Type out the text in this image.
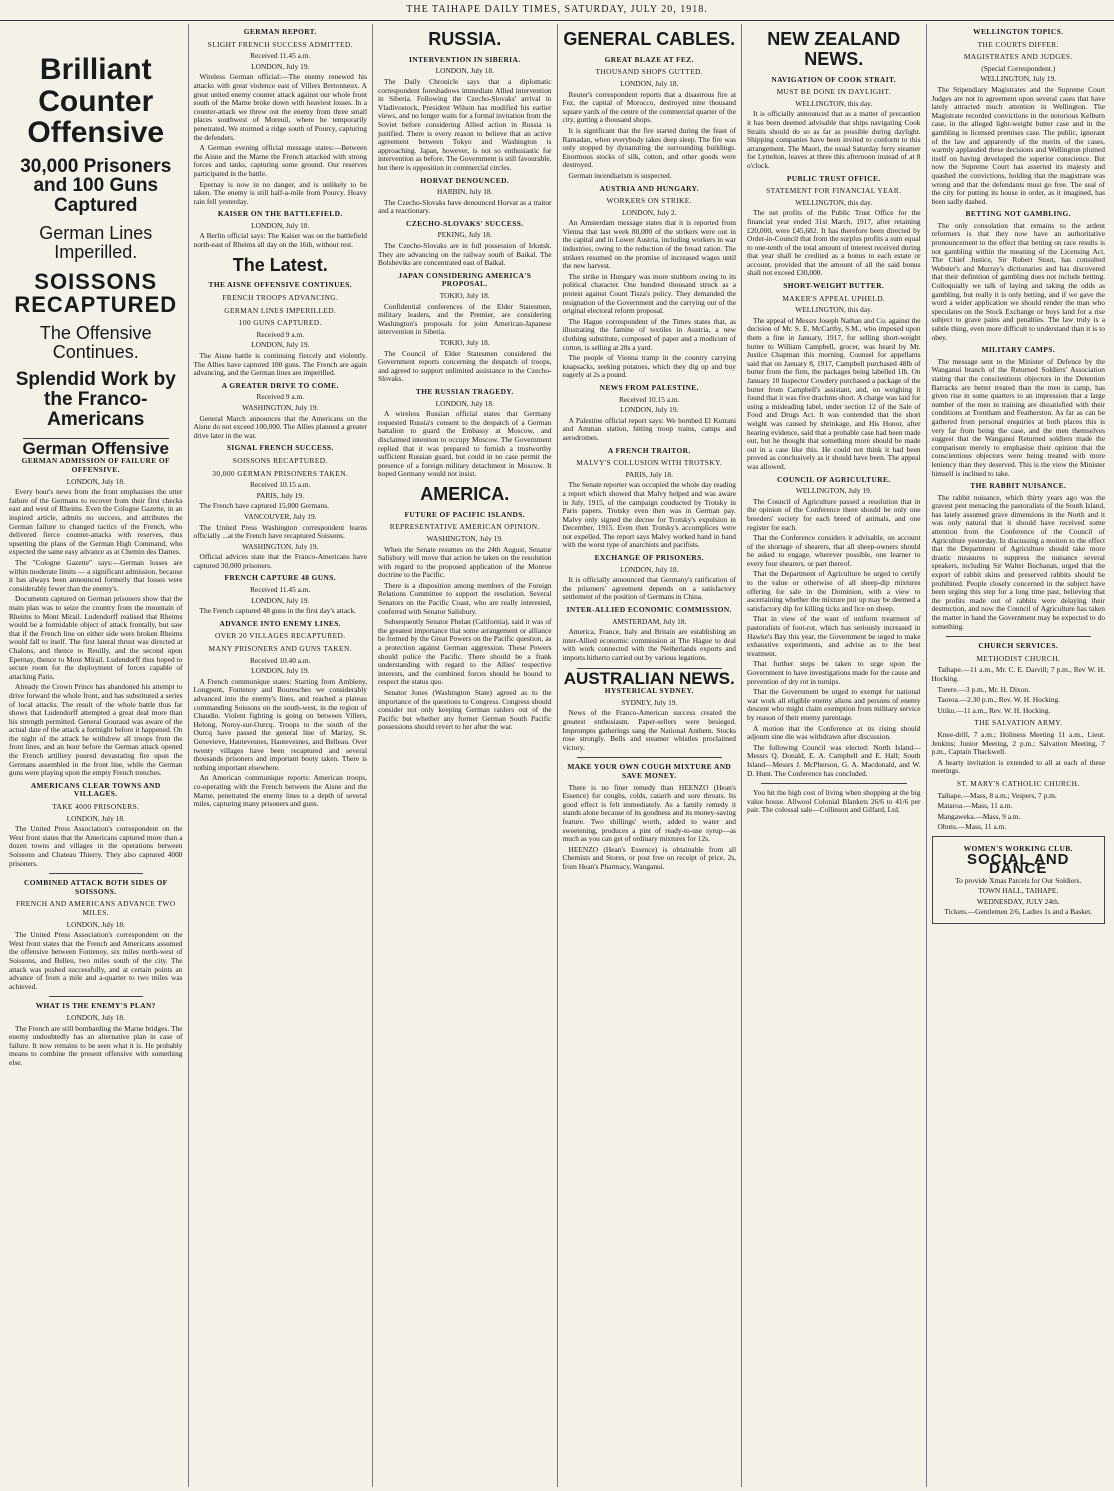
THE TAIHAPE DAILY TIMES, SATURDAY, JULY 20, 1918.
Brilliant Counter Offensive
30,000 Prisoners and 100 Guns Captured
German Lines Imperilled.
SOISSONS RECAPTURED
The Offensive Continues.
Splendid Work by the Franco-Americans
German Offensive
GERMAN ADMISSION OF FAILURE OF OFFENSIVE.
LONDON, July 18.

Every hour's news from the front emphasises the utter failure of the Germans to recover from their first checks east and west of Rheims. Even the Cologne Gazette, in an inspired article, admits no success, and attributes the German failure to changed tactics of the French, who delivered fierce counter-attacks with reserves, thus upsetting the plans of the German High Command, who expected the same easy advance as at Chemin des Dames.

The "Cologne Gazette" says:—German losses are within moderate limits — a significant admission, because it has always been announced formerly that losses were considerably fewer than the enemy's.

Documents captured on German prisoners show that the main plan was to seize the country from the mountain of Rheims to Mont Mirail. Ludendorff realised that Rheims would be a formidable object of attack frontally, but saw that if the French line on either side were broken Rheims would fall to itself. The first lateral thrust was directed at Chalons, and thence to Reuilly, and the second upon Epernay, thence to Mont Mirail. Ludendorff thus hoped to secure room for the deployment of forces capable of attacking Paris.

Already the Crown Prince has abandoned his attempt to drive forward the whole front, and has substituted a series of local attacks. The result of the whole battle thus far shows that Ludendorff attempted a great deal more than his strength permitted. General Gouraud was aware of the actual date of the attack a fortnight before it happened. On the night of the attack he withdrew all troops from the front lines, and an hour before the German attack opened the French artillery poured devastating fire upon the Germans assembled in the front line, while the German guns were playing upon the empty French trenches.

AMERICANS CLEAR TOWNS AND VILLAGES.
TAKE 4000 PRISONERS.
LONDON, July 18.

The United Press Association's correspondent on the West front states that the Americans captured more than a dozen towns and villages in the operations between Soissons and Chateau Thierry. They also captured 4000 prisoners.

COMBINED ATTACK BOTH SIDES OF SOISSONS.
FRENCH AND AMERICANS ADVANCE TWO MILES.
LONDON, July 18.

The United Press Association's correspondent on the West front states that the French and Americans assumed the offensive between Fontenoy, six miles north-west of Soissons, and Belleu, two miles south of the city. The attack was pushed successfully, and at certain points an advance of from a mile and a-quarter to two miles was achieved.

WHAT IS THE ENEMY'S PLAN?
LONDON, July 18.

The French are still bombarding the Marne bridges. The enemy undoubtedly has an alternative plan in case of failure. It now remains to be seen what it is. He probably means to combine the present offensive with something else.

GERMAN REPORT.
SLIGHT FRENCH SUCCESS ADMITTED.
Received 11.45 a.m.
LONDON, July 19.

Wireless German official:—The enemy renewed his attacks with great violence east of Villers Bretonneux. A great united enemy counter attack against our whole front south of the Marne broke down with heaviest losses. In a counter-attack we threw out the enemy from three small places southwest of Moreuil, where he temporarily penetrated. We stormed a ridge south of Pourcy, capturing the defenders.

A German evening official message states:—Between the Aisne and the Marne the French attacked with strong forces and tanks, capturing some ground. Our reserves participated in the battle.

Epernay is now in no danger, and is unlikely to be taken. The enemy is still half-a-mile from Pourcy. Heavy rain fell yesterday.

KAISER ON THE BATTLEFIELD.
LONDON, July 18.

A Berlin official says: The Kaiser was on the battlefield north-east of Rheims all day on the 16th, without rest.

The Latest.
THE AISNE OFFENSIVE CONTINUES.
FRENCH TROOPS ADVANCING.
GERMAN LINES IMPERILLED.
100 GUNS CAPTURED.
Received 9 a.m.
LONDON, July 19.

The Aisne battle is continuing fiercely and violently. The Allies have captured 100 guns. The French are again advancing, and the German lines are imperilled.

A GREATER DRIVE TO COME.
Received 9 a.m.
WASHINGTON, July 19.

General March announces that the Americans on the Aisne do not exceed 100,000. The Allies planned a greater drive later in the war.

SIGNAL FRENCH SUCCESS.
SOISSONS RECAPTURED.
30,000 GERMAN PRISONERS TAKEN.
Received 10.15 a.m.
PARIS, July 19.

The French have captured 15,000 Germans.

VANCOUVER, July 19.

The United Press Washington correspondent learns officially ...at the French have recaptured Soissons.

WASHINGTON, July 19.

Official advices state that the Franco-Americans have captured 30,000 prisoners.

FRENCH CAPTURE 48 GUNS.
Received 11.45 a.m.
LONDON, July 19.

The French captured 48 guns in the first day's attack.

ADVANCE INTO ENEMY LINES.
OVER 20 VILLAGES RECAPTURED.
MANY PRISONERS AND GUNS TAKEN.
Received 10.40 a.m.
LONDON, July 19.

A French communique states: Starting from Ambleny, Longpont, Fontenoy and Bouresches we considerably advanced into the enemy's lines, and reached a plateau commanding Soissons on the south-west, in the region of Chaudin. Violent fighting is going on between Villers, Helong, Noroy-sur-Ourcq. Troops to the south of the Ourcq have passed the general line of Marizy, St. Genevieve, Hautevesnes, Hautevesnes, and Belleau. Over twenty villages have been recaptured and several thousands prisoners and important booty taken. There is nothing important elsewhere.

An American communique reports: American troops, co-operating with the French between the Aisne and the Marne, penetrated the enemy lines to a depth of several miles, capturing many prisoners and guns.

RUSSIA.
INTERVENTION IN SIBERIA.
LONDON, July 18.

The Daily Chronicle says that a diplomatic correspondent foreshadows immediate Allied intervention in Siberia. Following the Czecho-Slovaks' arrival in Vladivostock, President Wilson has modified his earlier views, and no longer waits for a formal invitation from the Soviet before considering Allied action in Russia is justified. There is every reason to believe that an active agreement between Tokyo and Washington is approaching. Japan, however, is not so enthusiastic for intervention as before. The Government is still favourable, but there is opposition in commercial circles.

HORVAT DENOUNCED.
HARBIN, July 18.

The Czecho-Slovaks have denounced Horvat as a traitor and a reactionary.

CZECHO-SLOVAKS' SUCCESS.
PEKING, July 18.

The Czecho-Slovaks are in full possession of Irkutsk. They are advancing on the railway south of Baikal. The Bolsheviks are concentrated east of Baikal.

JAPAN CONSIDERING AMERICA'S PROPOSAL.
TOKIO, July 18.

Confidential conferences of the Elder Statesmen, military leaders, and the Premier, are considering Washington's proposals for joint American-Japanese intervention in Siberia.

TOKIO, July 18.

The Council of Elder Statesmen considered the Government reports concerning the despatch of troops, and agreed to support unlimited assistance to the Czecho-Slovaks.

THE RUSSIAN TRAGEDY.
LONDON, July 18.

A wireless Russian official states that Germany requested Russia's consent to the despatch of a German battalion to guard the Embassy at Moscow, and disclaimed intention to occupy Moscow. The Government replied that it was prepared to furnish a trustworthy sufficient Russian guard, but could in no case permit the presence of a foreign military detachment in Moscow. It hoped Germany would not insist.

AMERICA.
FUTURE OF PACIFIC ISLANDS.
REPRESENTATIVE AMERICAN OPINION.
WASHINGTON, July 19.

When the Senate resumes on the 24th August, Senator Salisbury will move that action be taken on the resolution with regard to the proposed application of the Monroe doctrine to the Pacific.

There is a disposition among members of the Foreign Relations Committee to support the resolution. Several Senators on the Pacific Coast, who are really interested, conferred with Senator Salisbury.

Subsequently Senator Phelan (California), said it was of the greatest importance that some arrangement or alliance be formed by the Great Powers on the Pacific question, as a protection against German aggression. These Powers should police the Pacific. There should be a frank understanding with regard to the Allies' respective interests, and the combined forces should be bound to respect the status quo.

Senator Jones (Washington State) agreed as to the importance of the questions to Congress. Congress should consider not only keeping German raiders out of the Pacific but whether any former German South Pacific possessions should revert to her after the war.

GENERAL CABLES.
GREAT BLAZE AT FEZ.
THOUSAND SHOPS GUTTED.
LONDON, July 18.

Reuter's correspondent reports that a disastrous fire at Fez, the capital of Morocco, destroyed nine thousand square yards of the centre of the commercial quarter of the city, gutting a thousand shops.

It is significant that the fire started during the feast of Ramadan, when everybody takes deep sleep. The fire was only stopped by dynamiting the surrounding buildings. Enormous stocks of silk, cotton, and other goods were destroyed.

German incendiarism is suspected.

AUSTRIA AND HUNGARY.
WORKERS ON STRIKE.
LONDON, July 2.

An Amsterdam message states that it is reported from Vienna that last week 80,000 of the strikers were out in the capital and in Lower Austria, including workers in war industries, owing to the reduction of the bread ration. The strikers resumed on the promise of increased wages until the new harvest.

The strike in Hungary was more stubborn owing to its political character. One hundred thousand struck as a protest against Count Tisza's policy. They demanded the resignation of the Government and the carrying out of the original electoral reform proposal.

The Hague correspondent of the Times states that, as illustrating the famine of textiles in Austria, a new clothing substitute, composed of paper and a modicum of cotton, is selling at 28s a yard.

The people of Vienna tramp in the country carrying knapsacks, seeking potatoes, which they dig up and buy eagerly at 2s a pound.

NEWS FROM PALESTINE.
Received 10.15 a.m.
LONDON, July 19.

A Palestine official report says: We bombed El Kutrani and Amman station, hitting troop trains, camps and aerodromes.

A FRENCH TRAITOR.
MALVY'S COLLUSION WITH TROTSKY.
PARIS, July 18.

The Senate reporter was occupied the whole day reading a report which showed that Malvy helped and was aware in July, 1915, of the campaign conducted by Trotsky in Paris papers. Trotsky even then was in German pay. Malvy only signed the decree for Trotsky's expulsion in December, 1915. Even then Trotsky's accomplices were not expelled. The report says Malvy worked hand in hand with the worst type of anarchists and pacifists.

EXCHANGE OF PRISONERS.
LONDON, July 18.

It is officially announced that Germany's ratification of the prisoners' agreement depends on a satisfactory settlement of the position of Germans in China.

INTER-ALLIED ECONOMIC COMMISSION.
AMSTERDAM, July 18.

America, France, Italy and Britain are establishing an inter-Allied economic commission at The Hague to deal with work connected with the Netherlands exports and imports hitherto carried out by various legations.

AUSTRALIAN NEWS.
HYSTERICAL SYDNEY.
SYDNEY, July 19.

News of the Franco-American success created the greatest enthusiasm. Paper-sellers were besieged. Impromptu gatherings sang the National Anthem. Stocks rose strongly. Bells and steamer whistles proclaimed victory.

MAKE YOUR OWN COUGH MIXTURE AND SAVE MONEY.

There is no finer remedy than HEENZO (Hean's Essence) for coughs, colds, catarrh and sore throats. Its good effect is felt immediately. As a family remedy it stands alone because of its goodness and its money-saving feature. Two shillings' worth, added to water and sweetening, produces a pint of ready-to-use syrup—as much as you can get of ordinary mixtures for 12s.

HEENZO (Hean's Essence) is obtainable from all Chemists and Stores, or post free on receipt of price, 2s, from Hean's Pharmacy, Wanganui.

NEW ZEALAND NEWS.
NAVIGATION OF COOK STRAIT.
MUST BE DONE IN DAYLIGHT.
WELLINGTON, this day.

It is officially announced that as a matter of precaution it has been deemed advisable that ships navigating Cook Straits should do so as far as possible during daylight. Shipping companies have been invited to conform to this arrangement. The Maori, the usual Saturday ferry steamer for Lyttelton, leaves at three this afternoon instead of at 8 o'clock.

PUBLIC TRUST OFFICE.
STATEMENT FOR FINANCIAL YEAR.
WELLINGTON, this day.

The net profits of the Public Trust Office for the financial year ended 31st March, 1917, after retaining £20,000, were £45,682. It has therefore been directed by Order-in-Council that from the surplus profits a sum equal to one-tenth of the total amount of interest received during that year shall be credited as a bonus to each estate or account, provided that the amount of all the said bonus shall not exceed £30,000.

SHORT-WEIGHT BUTTER.
MAKER'S APPEAL UPHELD.
WELLINGTON, this day.

The appeal of Messrs Joseph Nathan and Co. against the decision of Mr. S. E. McCarthy, S.M., who imposed upon them a fine in January, 1917, for selling short-weight butter to William Campbell, grocer, was heard by Mr. Justice Chapman this morning. Counsel for appellants said that on January 8, 1917, Campbell purchased 48lb of butter from the firm, the packages being labelled 1lb. On January 10 Inspector Cowdery purchased a package of the butter from Campbell's assistant, and, on weighing it found that it was five drachms short. A charge was laid for using a misleading label, under section 12 of the Sale of Food and Drugs Act. It was contended that the short weight was caused by shrinkage, and His Honor, after hearing evidence, said that a probable case had been made out, but he thought that something more should be made out in a case like this. He could not think it had been proved as conclusively as it should have been. The appeal was allowed.

COUNCIL OF AGRICULTURE.
WELLINGTON, July 19.

The Council of Agriculture passed a resolution that in the opinion of the Conference there should be only one breeders' society for each breed of animals, and one register for each.

That the Conference considers it advisable, on account of the shortage of shearers, that all sheep-owners should be asked to engage, wherever possible, one learner to every four shearers, or part thereof.

That the Department of Agriculture be urged to certify to the value or otherwise of all sheep-dip mixtures offering for sale in the Dominion, with a view to ascertaining whether the mixture put up may be deemed a satisfactory dip for killing ticks and lice on sheep.

That in view of the want of uniform treatment of pastoralists of foot-rot, which has seriously increased in Hawke's Bay this year, the Government be urged to make exhaustive experiments, and advise as to the best treatment.

That further steps be taken to urge upon the Government to have investigations made for the cause and prevention of dry rot in turnips.

That the Government be urged to exempt for national war work all eligible enemy aliens and persons of enemy descent who might claim exemption from military service by reason of their enemy parentage.

A motion that the Conference at its rising should adjourn sine die was withdrawn after discussion.

The following Council was elected: North Island—Messrs Q. Donald, E. A. Campbell and E. Hall; South Island—Messrs J. McPherson, G. A. Macdonald, and W. D. Hunt. The Conference has concluded.

You hit the high cost of living when shopping at the big value house. Allwool Colonial Blankets 26/6 to 41/6 per pair. The colossal sale—Collinson and Gilfard, Ltd.

WELLINGTON TOPICS.
THE COURTS DIFFER.
MAGISTRATES AND JUDGES.
(Special Correspondent.)
WELLINGTON, July 19.

The Stipendiary Magistrates and the Supreme Court Judges are not in agreement upon several cases that have lately attracted much attention in Wellington. The Magistrate recorded convictions in the notorious Kelburn case, in the alleged light-weight butter case and in the gambling in licensed premises case. The public, ignorant of the law and apparently of the merits of the cases, warmly applauded these decisions and Wellington plumed itself on having developed the superior conscience. But now the Supreme Court has asserted its majesty and quashed the convictions, holding that the magistrate was wrong and that the defendants must go free. The seal of the city for putting its house in order, as it imagined, has been sadly dashed.

BETTING NOT GAMBLING.

The only consolation that remains to the ardent reformers is that they now have an authoritative pronouncement to the effect that betting on race results is not gambling within the meaning of the Licensing Act. The Chief Justice, Sir Robert Stout, has consulted Webster's and Murray's dictionaries and has discovered that their definition of gambling does not include betting. Colloquially we talk of laying and taking the odds as gambling, but really it is only betting, and if we gave the word a wider application we should render the man who speculates on the Stock Exchange or buys land for a rise subject to grave pains and penalties. The law truly is a subtle thing, even more difficult to understand than it is to obey.

MILITARY CAMPS.

The message sent to the Minister of Defence by the Wanganui branch of the Returned Soldiers' Association stating that the conscientious objectors in the Detention Barracks are better treated than the men in camp, has given rise in some quarters to an impression that a large number of the men in training are dissatisfied with their conditions at Trentham and Featherston. As far as can be gathered from personal enquiries at both places this is very far from being the case, and the men themselves suggest that the Wanganui Returned soldiers made the comparison merely to emphasise their opinion that the conscientious objectors were being treated with more leniency than they deserved. This is the view the Minister himself is inclined to take.

THE RABBIT NUISANCE.

The rabbit nuisance, which thirty years ago was the gravest pest menacing the pastoralists of the South Island, has lately assumed grave dimensions in the North and it was only natural that it should have received some attention from the Conference of the Council of Agriculture yesterday. In discussing a motion to the effect that the Department of Agriculture should take more drastic measures to suppress the nuisance several speakers, including Sir Walter Buchanan, urged that the export of rabbit skins and preserved rabbits should be prohibited. People closely concerned in the subject have been urging this step for a long time past, believing that the profits made out of rabbits were delaying their destruction, and now the Council of Agriculture has taken the matter in hand the Government may be expected to do something.

CHURCH SERVICES.
METHODIST CHURCH.

Taihape.—11 a.m., Mr. C. E. Darvill; 7 p.m., Rev W. H. Hocking.

Torere.—3 p.m., Mr. H. Dixon.

Taoroa.—2.30 p.m., Rev. W. H. Hocking.

Utiku.—11 a.m., Rev. W. H. Hocking.

THE SALVATION ARMY.

Knee-drill, 7 a.m.; Holiness Meeting 11 a.m., Lieut. Jenkins; Junior Meeting, 2 p.m.; Salvation Meeting, 7 p.m., Captain Thackwell.

A hearty invitation is extended to all at each of these meetings.

ST. MARY'S CATHOLIC CHURCH.

Taihape.—Mass, 8 a.m.; Vespers, 7 p.m.

Mataroa.—Mass, 11 a.m.

Mangaweka.—Mass, 9 a.m.

Ohutu.—Mass, 11 a.m.

WOMEN'S WORKING CLUB.
SOCIAL AND DANCE
To provide Xmas Parcels for Our Soldiers.
TOWN HALL, TAIHAPE.
WEDNESDAY, JULY 24th.
Tickets.—Gentlemen 2/6, Ladies 1s and a Basket.
